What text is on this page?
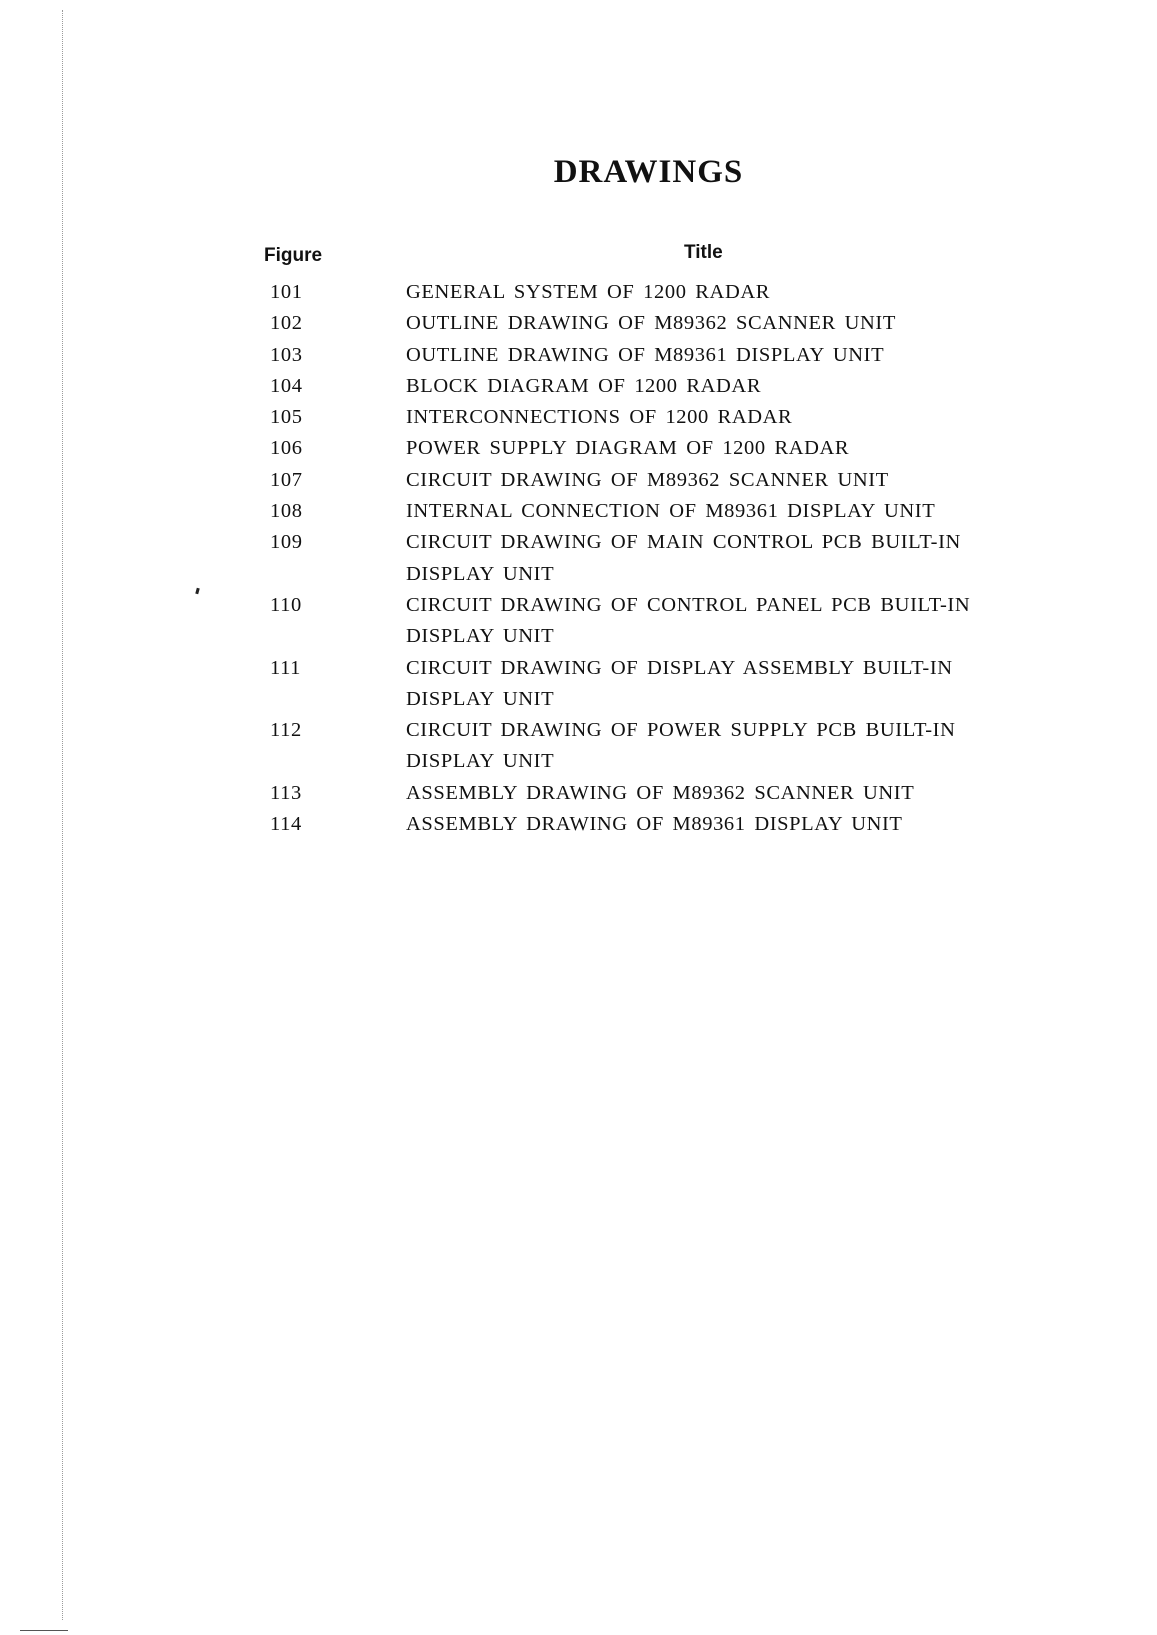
DRAWINGS
Figure	Title
101	GENERAL SYSTEM OF 1200 RADAR
102	OUTLINE DRAWING OF M89362 SCANNER UNIT
103	OUTLINE DRAWING OF M89361 DISPLAY UNIT
104	BLOCK DIAGRAM OF 1200 RADAR
105	INTERCONNECTIONS OF 1200 RADAR
106	POWER SUPPLY DIAGRAM OF 1200 RADAR
107	CIRCUIT DRAWING OF M89362 SCANNER UNIT
108	INTERNAL CONNECTION OF M89361 DISPLAY UNIT
109	CIRCUIT DRAWING OF MAIN CONTROL PCB BUILT-IN
DISPLAY UNIT
110	CIRCUIT DRAWING OF CONTROL PANEL PCB BUILT-IN
DISPLAY UNIT
111	CIRCUIT DRAWING OF DISPLAY ASSEMBLY BUILT-IN
DISPLAY UNIT
112	CIRCUIT DRAWING OF POWER SUPPLY PCB BUILT-IN
DISPLAY UNIT
113	ASSEMBLY DRAWING OF M89362 SCANNER UNIT
114	ASSEMBLY DRAWING OF M89361 DISPLAY UNIT
